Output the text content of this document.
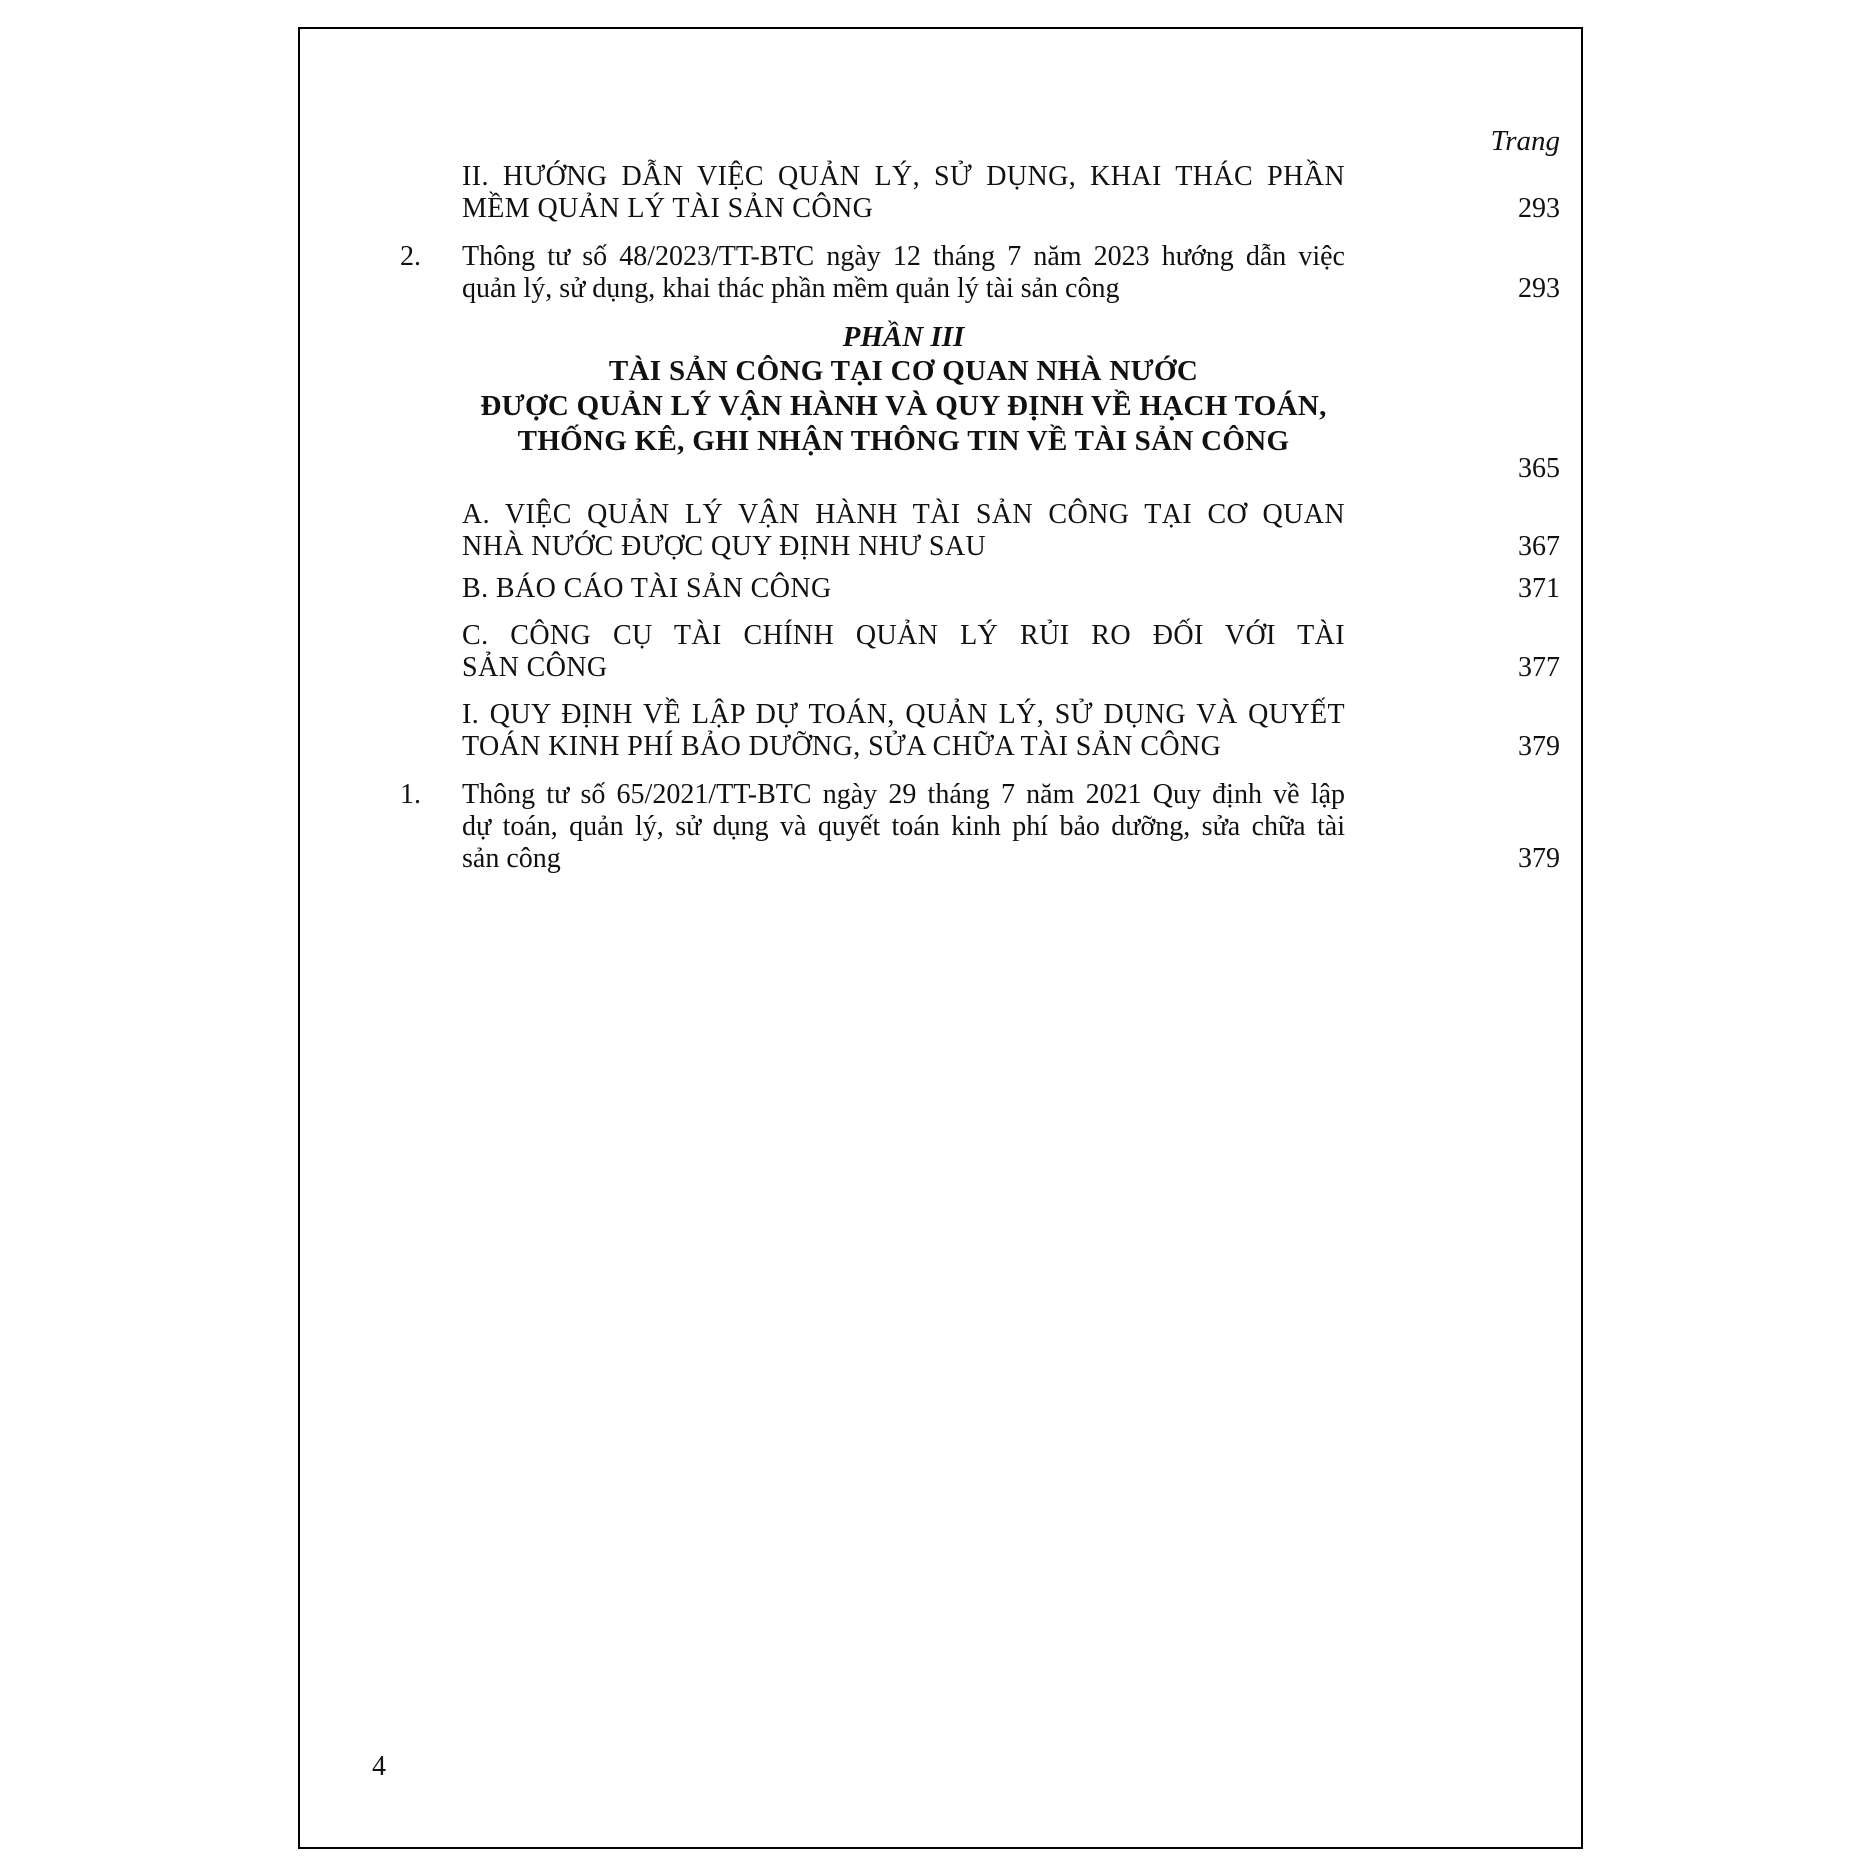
Trang
II. HƯỚNG DẪN VIỆC QUẢN LÝ, SỬ DỤNG, KHAI THÁC PHẦN
MỀM QUẢN LÝ TÀI SẢN CÔNG	293
2.	Thông tư số 48/2023/TT-BTC ngày 12 tháng 7 năm 2023 hướng dẫn việc
quản lý, sử dụng, khai thác phần mềm quản lý tài sản công	293
PHẦN III
TÀI SẢN CÔNG TẠI CƠ QUAN NHÀ NƯỚC
ĐƯỢC QUẢN LÝ VẬN HÀNH VÀ QUY ĐỊNH VỀ HẠCH TOÁN,
THỐNG KÊ, GHI NHẬN THÔNG TIN VỀ TÀI SẢN CÔNG
365
A. VIỆC QUẢN LÝ VẬN HÀNH TÀI SẢN CÔNG TẠI CƠ QUAN
NHÀ NƯỚC ĐƯỢC QUY ĐỊNH NHƯ SAU	367
B. BÁO CÁO TÀI SẢN CÔNG	371
C. CÔNG CỤ TÀI CHÍNH QUẢN LÝ RỦI RO ĐỐI VỚI TÀI
SẢN CÔNG	377
I. QUY ĐỊNH VỀ LẬP DỰ TOÁN, QUẢN LÝ, SỬ DỤNG VÀ QUYẾT
TOÁN KINH PHÍ BẢO DƯỠNG, SỬA CHỮA TÀI SẢN CÔNG	379
1.	Thông tư số 65/2021/TT-BTC ngày 29 tháng 7 năm 2021 Quy định về lập
dự toán, quản lý, sử dụng và quyết toán kinh phí bảo dưỡng, sửa chữa tài
sản công	379
4
